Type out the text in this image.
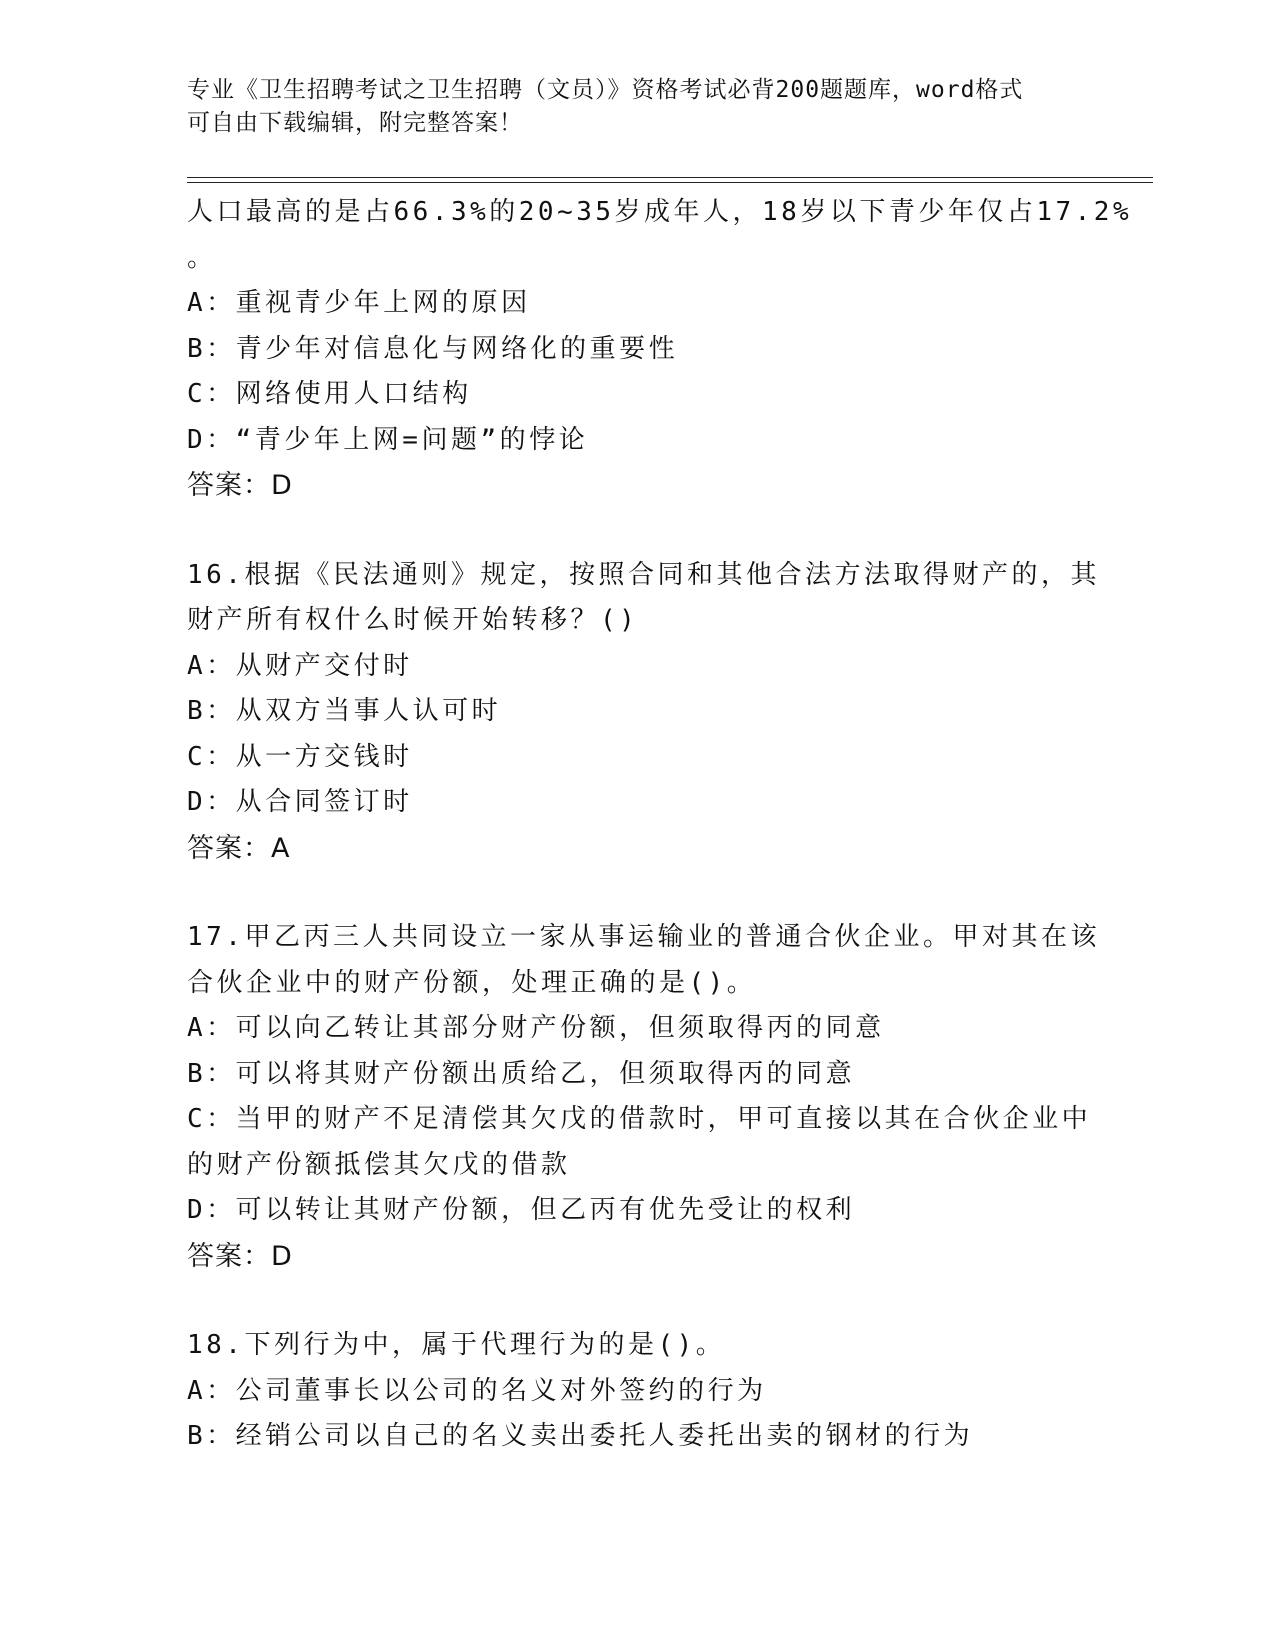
专业《卫生招聘考试之卫生招聘（文员）》资格考试必背200题题库，word格式
可自由下载编辑，附完整答案！
人口最高的是占66.3%的20~35岁成年人，18岁以下青少年仅占17.2%
。
A：重视青少年上网的原因
B：青少年对信息化与网络化的重要性
C：网络使用人口结构
D：“青少年上网=问题”的悖论
答案：D
16.根据《民法通则》规定，按照合同和其他合法方法取得财产的，其
财产所有权什么时候开始转移？()
A：从财产交付时
B：从双方当事人认可时
C：从一方交钱时
D：从合同签订时
答案：A
17.甲乙丙三人共同设立一家从事运输业的普通合伙企业。甲对其在该
合伙企业中的财产份额，处理正确的是()。
A：可以向乙转让其部分财产份额，但须取得丙的同意
B：可以将其财产份额出质给乙，但须取得丙的同意
C：当甲的财产不足清偿其欠戊的借款时，甲可直接以其在合伙企业中
的财产份额抵偿其欠戊的借款
D：可以转让其财产份额，但乙丙有优先受让的权利
答案：D
18.下列行为中，属于代理行为的是()。
A：公司董事长以公司的名义对外签约的行为
B：经销公司以自己的名义卖出委托人委托出卖的钢材的行为
